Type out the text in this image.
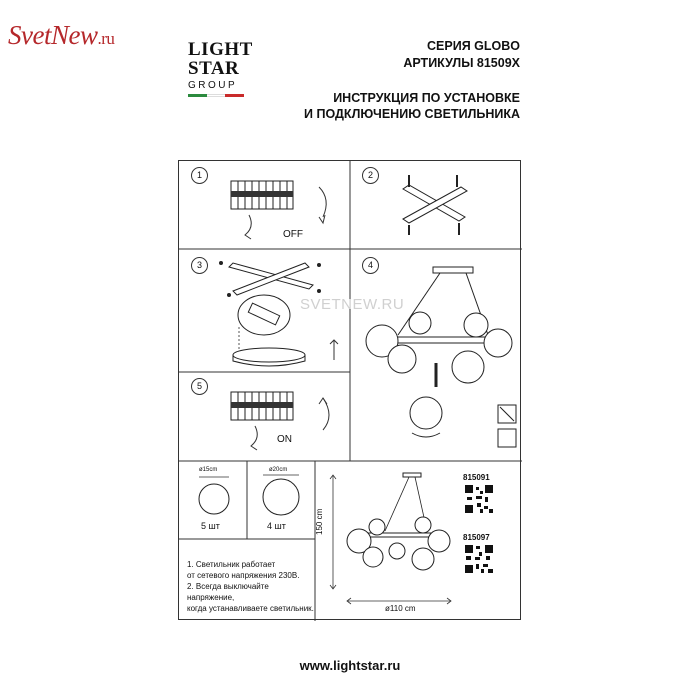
SvetNew.ru
LIGHT
STAR
GROUP
СЕРИЯ GLOBO
АРТИКУЛЫ 81509X
ИНСТРУКЦИЯ ПО УСТАНОВКЕ
И ПОДКЛЮЧЕНИЮ СВЕТИЛЬНИКА
1
OFF
2
3	4
5
ON
ø15cm
5 шт
ø20cm
4 шт
1. Светильник работает
от сетевого напряжения 230В.
2. Всегда выключайте напряжение,
когда устанавливаете светильник.
150 cm
ø110 cm
815091
815097
SVETNEW.RU
www.lightstar.ru
